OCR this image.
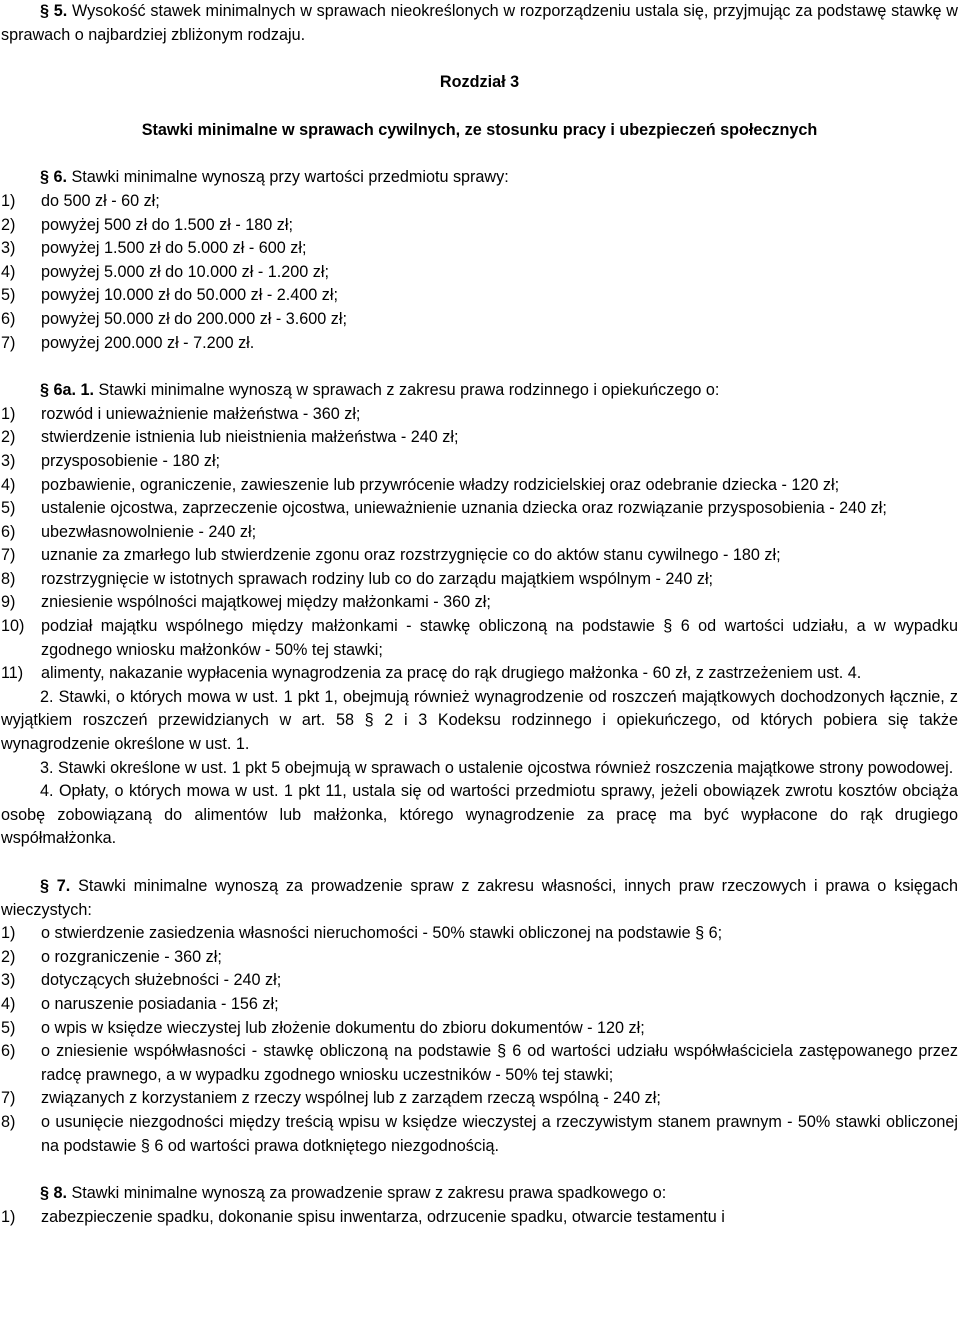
§ 5. Wysokość stawek minimalnych w sprawach nieokreślonych w rozporządzeniu ustala się, przyjmując za podstawę stawkę w sprawach o najbardziej zbliżonym rodzaju.
Rozdział 3
Stawki minimalne w sprawach cywilnych, ze stosunku pracy i ubezpieczeń społecznych
§ 6. Stawki minimalne wynoszą przy wartości przedmiotu sprawy:
1)	do 500 zł - 60 zł;
2)	powyżej 500 zł do 1.500 zł - 180 zł;
3)	powyżej 1.500 zł do 5.000 zł - 600 zł;
4)	powyżej 5.000 zł do 10.000 zł - 1.200 zł;
5)	powyżej 10.000 zł do 50.000 zł - 2.400 zł;
6)	powyżej 50.000 zł do 200.000 zł - 3.600 zł;
7)	powyżej 200.000 zł - 7.200 zł.
§ 6a. 1. Stawki minimalne wynoszą w sprawach z zakresu prawa rodzinnego i opiekuńczego o:
1)	rozwód i unieważnienie małżeństwa - 360 zł;
2)	stwierdzenie istnienia lub nieistnienia małżeństwa - 240 zł;
3)	przysposobienie - 180 zł;
4)	pozbawienie, ograniczenie, zawieszenie lub przywrócenie władzy rodzicielskiej oraz odebranie dziecka - 120 zł;
5)	ustalenie ojcostwa, zaprzeczenie ojcostwa, unieważnienie uznania dziecka oraz rozwiązanie przysposobienia - 240 zł;
6)	ubezwłasnowolnienie - 240 zł;
7)	uznanie za zmarłego lub stwierdzenie zgonu oraz rozstrzygnięcie co do aktów stanu cywilnego - 180 zł;
8)	rozstrzygnięcie w istotnych sprawach rodziny lub co do zarządu majątkiem wspólnym - 240 zł;
9)	zniesienie wspólności majątkowej między małżonkami - 360 zł;
10)	podział majątku wspólnego między małżonkami - stawkę obliczoną na podstawie § 6 od wartości udziału, a w wypadku zgodnego wniosku małżonków - 50% tej stawki;
11)	alimenty, nakazanie wypłacenia wynagrodzenia za pracę do rąk drugiego małżonka - 60 zł, z zastrzeżeniem ust. 4.
2. Stawki, o których mowa w ust. 1 pkt 1, obejmują również wynagrodzenie od roszczeń majątkowych dochodzonych łącznie, z wyjątkiem roszczeń przewidzianych w art. 58 § 2 i 3 Kodeksu rodzinnego i opiekuńczego, od których pobiera się także wynagrodzenie określone w ust. 1.
3. Stawki określone w ust. 1 pkt 5 obejmują w sprawach o ustalenie ojcostwa również roszczenia majątkowe strony powodowej.
4. Opłaty, o których mowa w ust. 1 pkt 11, ustala się od wartości przedmiotu sprawy, jeżeli obowiązek zwrotu kosztów obciąża osobę zobowiązaną do alimentów lub małżonka, którego wynagrodzenie za pracę ma być wypłacone do rąk drugiego współmałżonka.
§ 7. Stawki minimalne wynoszą za prowadzenie spraw z zakresu własności, innych praw rzeczowych i prawa o księgach wieczystych:
1)	o stwierdzenie zasiedzenia własności nieruchomości - 50% stawki obliczonej na podstawie § 6;
2)	o rozgraniczenie - 360 zł;
3)	dotyczących służebności - 240 zł;
4)	o naruszenie posiadania - 156 zł;
5)	o wpis w księdze wieczystej lub złożenie dokumentu do zbioru dokumentów - 120 zł;
6)	o zniesienie współwłasności - stawkę obliczoną na podstawie § 6 od wartości udziału współwłaściciela zastępowanego przez radcę prawnego, a w wypadku zgodnego wniosku uczestników - 50% tej stawki;
7)	związanych z korzystaniem z rzeczy wspólnej lub z zarządem rzeczą wspólną - 240 zł;
8)	o usunięcie niezgodności między treścią wpisu w księdze wieczystej a rzeczywistym stanem prawnym - 50% stawki obliczonej na podstawie § 6 od wartości prawa dotkniętego niezgodnością.
§ 8. Stawki minimalne wynoszą za prowadzenie spraw z zakresu prawa spadkowego o:
1)	zabezpieczenie spadku, dokonanie spisu inwentarza, odrzucenie spadku, otwarcie testamentu i
